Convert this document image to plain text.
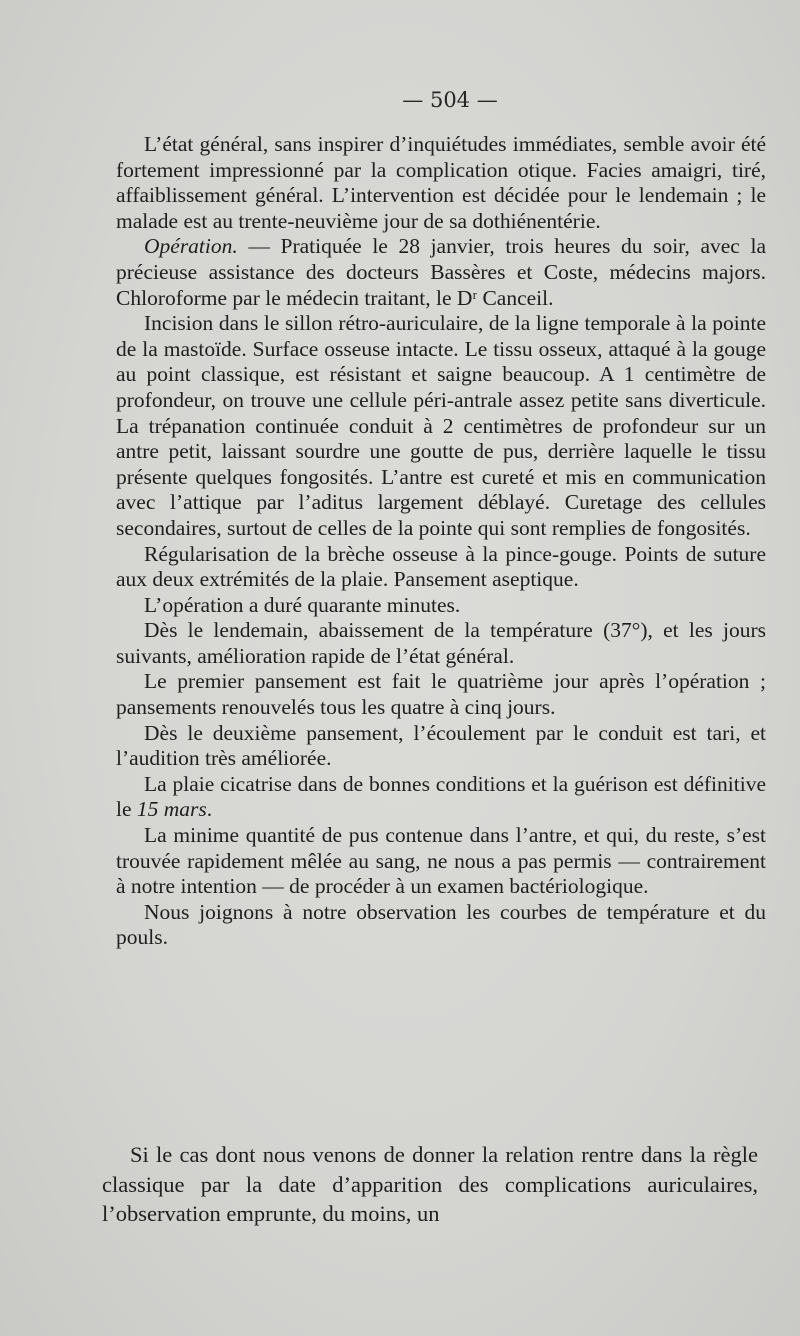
— 504 —

L’état général, sans inspirer d’inquiétudes immédiates, semble avoir été fortement impressionné par la complication otique. Facies amaigri, tiré, affaiblissement général. L’intervention est décidée pour le lendemain ; le malade est au trente-neuvième jour de sa dothiénentérie.

Opération. — Pratiquée le 28 janvier, trois heures du soir, avec la précieuse assistance des docteurs Bassères et Coste, médecins majors. Chloroforme par le médecin traitant, le Dʳ Canceil.

Incision dans le sillon rétro-auriculaire, de la ligne temporale à la pointe de la mastoïde. Surface osseuse intacte. Le tissu osseux, attaqué à la gouge au point classique, est résistant et saigne beaucoup. A 1 centimètre de profondeur, on trouve une cellule péri-antrale assez petite sans diverticule. La trépanation continuée conduit à 2 centimètres de profondeur sur un antre petit, laissant sourdre une goutte de pus, derrière laquelle le tissu présente quelques fongosités. L’antre est cureté et mis en communication avec l’attique par l’aditus largement déblayé. Curetage des cellules secondaires, surtout de celles de la pointe qui sont remplies de fongosités.

Régularisation de la brèche osseuse à la pince-gouge. Points de suture aux deux extrémités de la plaie. Pansement aseptique.

L’opération a duré quarante minutes.

Dès le lendemain, abaissement de la température (37°), et les jours suivants, amélioration rapide de l’état général.

Le premier pansement est fait le quatrième jour après l’opération ; pansements renouvelés tous les quatre à cinq jours.

Dès le deuxième pansement, l’écoulement par le conduit est tari, et l’audition très améliorée.

La plaie cicatrise dans de bonnes conditions et la guérison est définitive le 15 mars.

La minime quantité de pus contenue dans l’antre, et qui, du reste, s’est trouvée rapidement mêlée au sang, ne nous a pas permis — contrairement à notre intention — de procéder à un examen bactériologique.

Nous joignons à notre observation les courbes de température et du pouls.

Si le cas dont nous venons de donner la relation rentre dans la règle classique par la date d’apparition des complications auriculaires, l’observation emprunte, du moins, un
